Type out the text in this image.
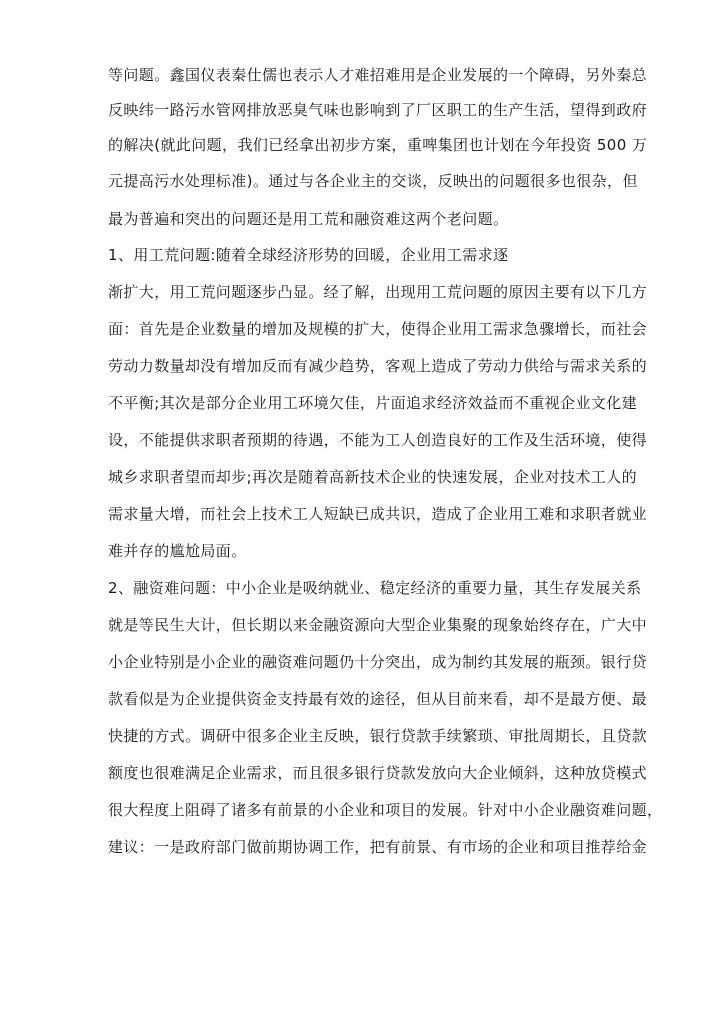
等问题。鑫国仪表秦仕儒也表示人才难招难用是企业发展的一个障碍，另外秦总
反映纬一路污水管网排放恶臭气味也影响到了厂区职工的生产生活，望得到政府
的解决(就此问题，我们已经拿出初步方案，重啤集团也计划在今年投资 500 万
元提高污水处理标准)。通过与各企业主的交谈，反映出的问题很多也很杂，但
最为普遍和突出的问题还是用工荒和融资难这两个老问题。
1、用工荒问题:随着全球经济形势的回暖，企业用工需求逐
渐扩大，用工荒问题逐步凸显。经了解，出现用工荒问题的原因主要有以下几方
面：首先是企业数量的增加及规模的扩大，使得企业用工需求急骤增长，而社会
劳动力数量却没有增加反而有减少趋势，客观上造成了劳动力供给与需求关系的
不平衡;其次是部分企业用工环境欠佳，片面追求经济效益而不重视企业文化建
设，不能提供求职者预期的待遇，不能为工人创造良好的工作及生活环境，使得
城乡求职者望而却步;再次是随着高新技术企业的快速发展，企业对技术工人的
需求量大增，而社会上技术工人短缺已成共识，造成了企业用工难和求职者就业
难并存的尴尬局面。
2、融资难问题：中小企业是吸纳就业、稳定经济的重要力量，其生存发展关系
就是等民生大计，但长期以来金融资源向大型企业集聚的现象始终存在，广大中
小企业特别是小企业的融资难问题仍十分突出，成为制约其发展的瓶颈。银行贷
款看似是为企业提供资金支持最有效的途径，但从目前来看，却不是最方便、最
快捷的方式。调研中很多企业主反映，银行贷款手续繁琐、审批周期长，且贷款
额度也很难满足企业需求，而且很多银行贷款发放向大企业倾斜，这种放贷模式
很大程度上阻碍了诸多有前景的小企业和项目的发展。针对中小企业融资难问题，
建议：一是政府部门做前期协调工作，把有前景、有市场的企业和项目推荐给金
